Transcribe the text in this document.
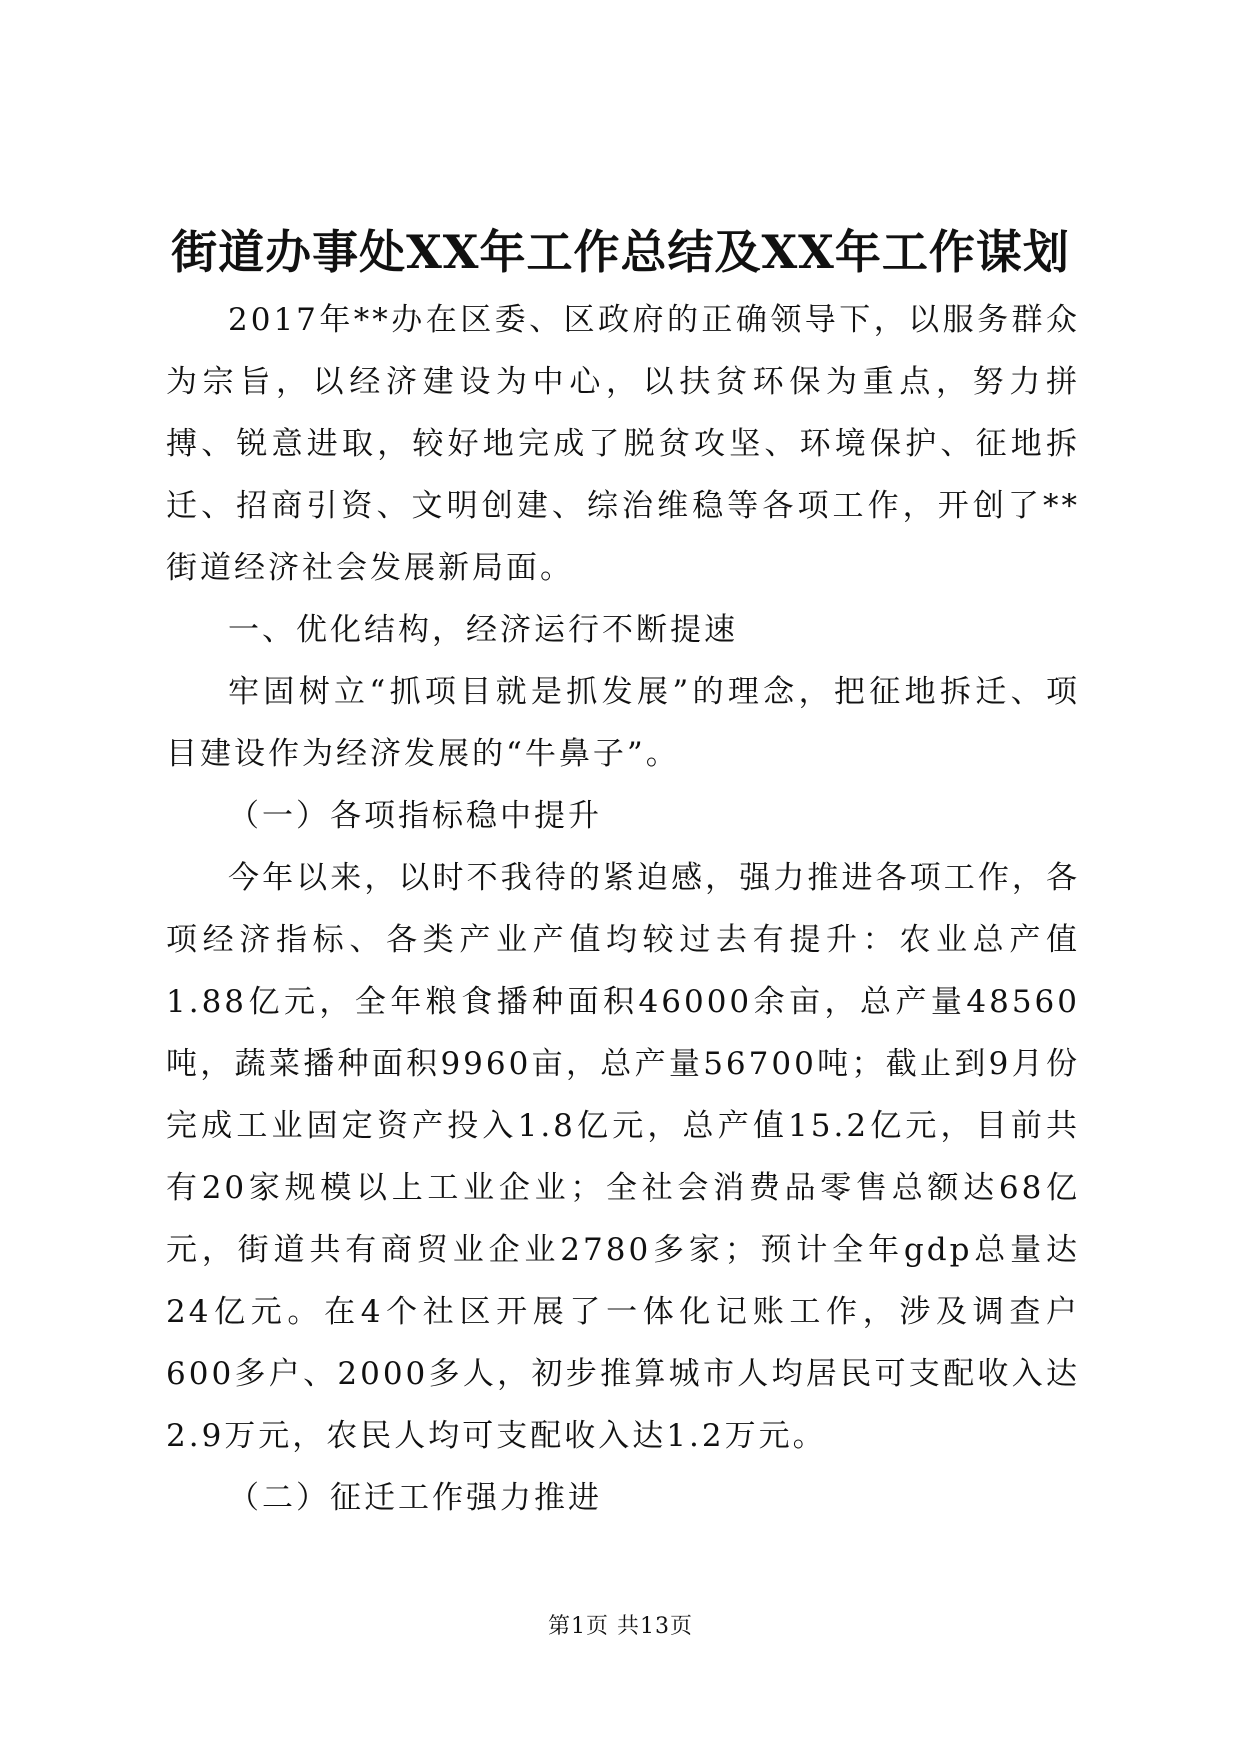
街道办事处XX年工作总结及XX年工作谋划

2017年**办在区委、区政府的正确领导下，以服务群众为宗旨，以经济建设为中心，以扶贫环保为重点，努力拼搏、锐意进取，较好地完成了脱贫攻坚、环境保护、征地拆迁、招商引资、文明创建、综治维稳等各项工作，开创了**街道经济社会发展新局面。

一、优化结构，经济运行不断提速

牢固树立“抓项目就是抓发展”的理念，把征地拆迁、项目建设作为经济发展的“牛鼻子”。

（一）各项指标稳中提升

今年以来，以时不我待的紧迫感，强力推进各项工作，各项经济指标、各类产业产值均较过去有提升：农业总产值1.88亿元，全年粮食播种面积46000余亩，总产量48560吨，蔬菜播种面积9960亩，总产量56700吨；截止到9月份完成工业固定资产投入1.8亿元，总产值15.2亿元，目前共有20家规模以上工业企业；全社会消费品零售总额达68亿元，街道共有商贸业企业2780多家；预计全年gdp总量达24亿元。在4个社区开展了一体化记账工作，涉及调查户600多户、2000多人，初步推算城市人均居民可支配收入达2.9万元，农民人均可支配收入达1.2万元。

（二）征迁工作强力推进

第1页 共13页
